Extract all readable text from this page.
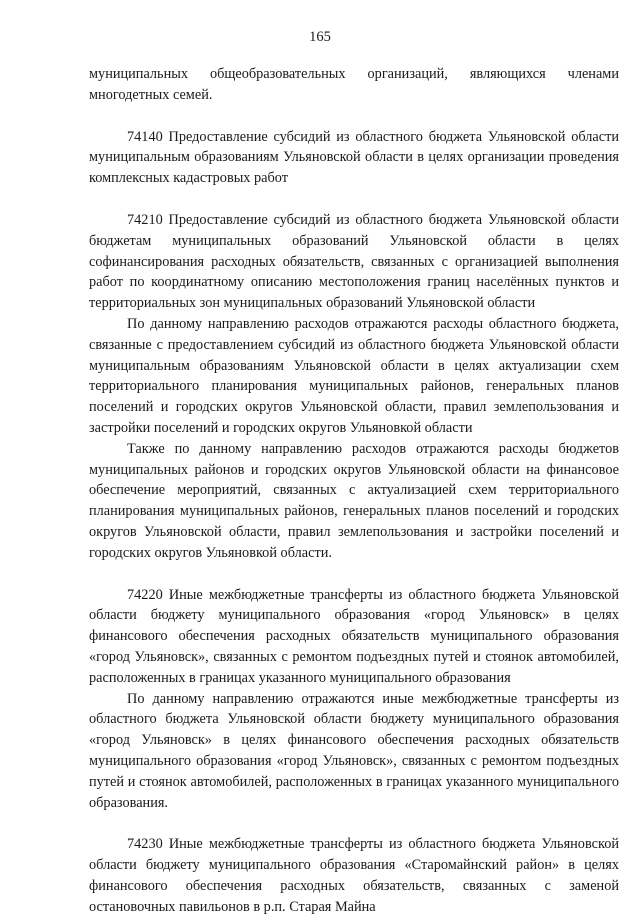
165

муниципальных общеобразовательных организаций, являющихся членами многодетных семей.

74140 Предоставление субсидий из областного бюджета Ульяновской области муниципальным образованиям Ульяновской области в целях организации проведения комплексных кадастровых работ

74210 Предоставление субсидий из областного бюджета Ульяновской области бюджетам муниципальных образований Ульяновской области в целях софинансирования расходных обязательств, связанных с организацией выполнения работ по координатному описанию местоположения границ населённых пунктов и территориальных зон муниципальных образований Ульяновской области

По данному направлению расходов отражаются расходы областного бюджета, связанные с предоставлением субсидий из областного бюджета Ульяновской области муниципальным образованиям Ульяновской области в целях актуализации схем территориального планирования муниципальных районов, генеральных планов поселений и городских округов Ульяновской области, правил землепользования и застройки поселений и городских округов Ульяновкой области

Также по данному направлению расходов отражаются расходы бюджетов муниципальных районов и городских округов Ульяновской области на финансовое обеспечение мероприятий, связанных с актуализацией схем территориального планирования муниципальных районов, генеральных планов поселений и городских округов Ульяновской области, правил землепользования и застройки поселений и городских округов Ульяновкой области.

74220 Иные межбюджетные трансферты из областного бюджета Ульяновской области бюджету муниципального образования «город Ульяновск» в целях финансового обеспечения расходных обязательств муниципального образования «город Ульяновск», связанных с ремонтом подъездных путей и стоянок автомобилей, расположенных в границах указанного муниципального образования

По данному направлению отражаются иные межбюджетные трансферты из областного бюджета Ульяновской области бюджету муниципального образования «город Ульяновск» в целях финансового обеспечения расходных обязательств муниципального образования «город Ульяновск», связанных с ремонтом подъездных путей и стоянок автомобилей, расположенных в границах указанного муниципального образования.

74230 Иные межбюджетные трансферты из областного бюджета Ульяновской области бюджету муниципального образования «Старомайнский район» в целях финансового обеспечения расходных обязательств, связанных с заменой остановочных павильонов в р.п. Старая Майна
